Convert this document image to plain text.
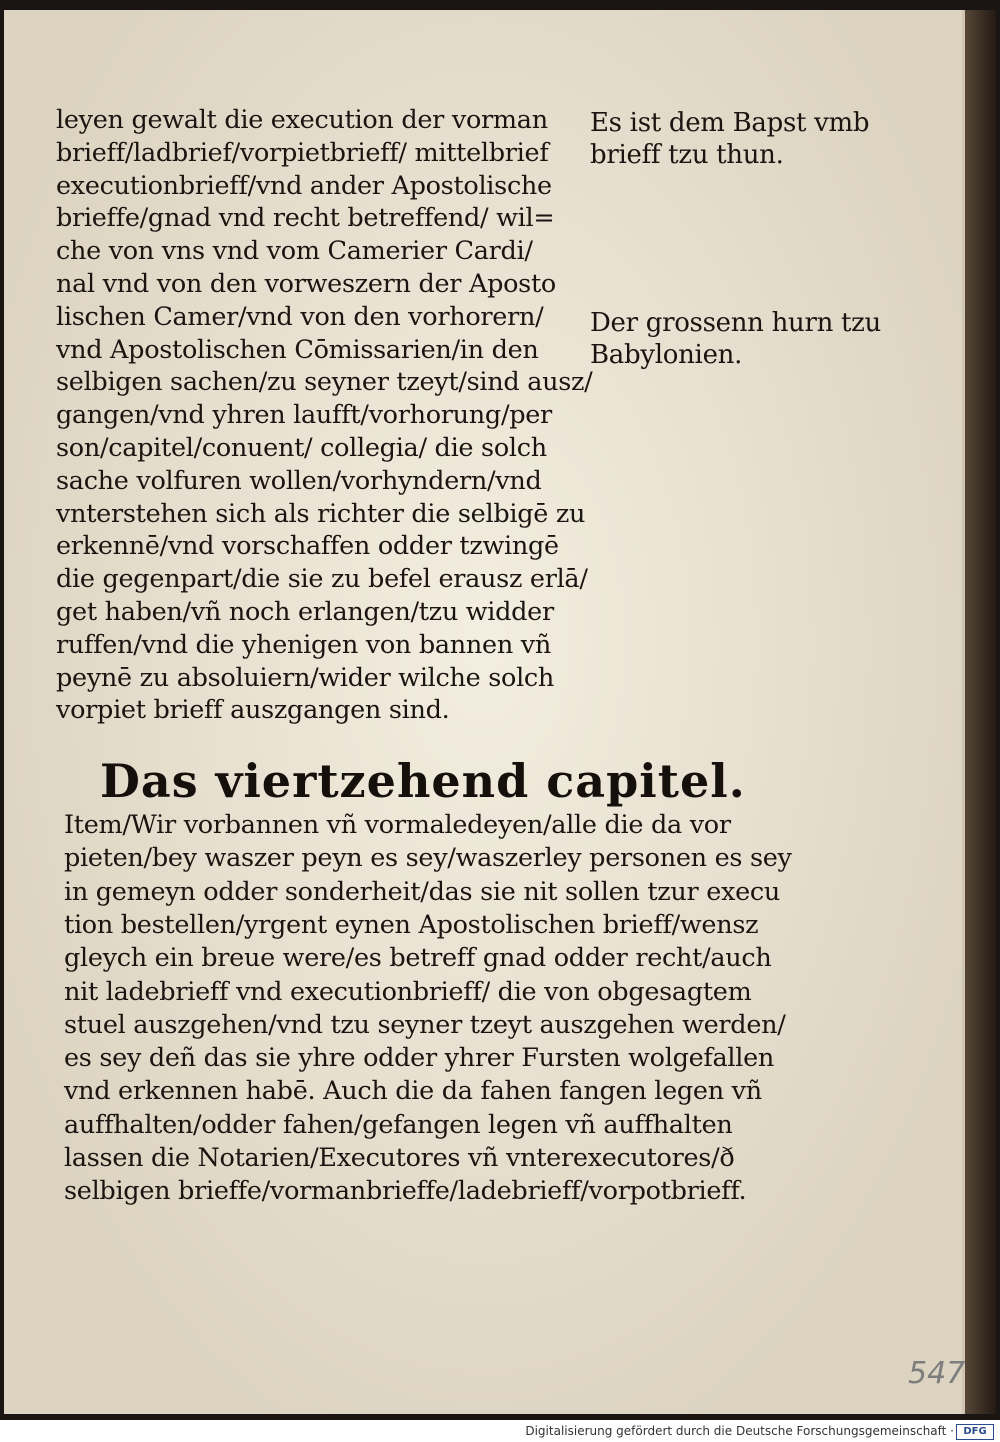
leyen gewalt die execution der vorman
brieff/ladbrief/vorpietbrieff/ mittelbrief
executionbrieff/vnd ander Apostolische
brieffe/gnad vnd recht betreffend/ wil=
che von vns vnd vom Camerier Cardi/
nal vnd von den vorweszern der Aposto
lischen Camer/vnd von den vorhorern/
vnd Apostolischen Cōmissarien/in den
selbigen sachen/zu seyner tzeyt/sind ausz/
gangen/vnd yhren laufft/vorhorung/per
son/capitel/conuent/ collegia/ die solch
sache volfuren wollen/vorhyndern/vnd
vnterstehen sich als richter die selbigē zu
erkennē/vnd vorschaffen odder tzwingē
die gegenpart/die sie zu befel erausz erlā/
get haben/vñ noch erlangen/tzu widder
ruffen/vnd die yhenigen von bannen vñ
peynē zu absoluiern/wider wilche solch
vorpiet brieff auszgangen sind.
Es ist dem Bapst vmb
brieff tzu thun.
Der grossenn hurn tzu
Babylonien.
Das viertzehend capitel.
Item/Wir vorbannen vñ vormaledeyen/alle die da vor
pieten/bey waszer peyn es sey/waszerley personen es sey
in gemeyn odder sonderheit/das sie nit sollen tzur execu
tion bestellen/yrgent eynen Apostolischen brieff/wensz
gleych ein breue were/es betreff gnad odder recht/auch
nit ladebrieff vnd executionbrieff/ die von obgesagtem
stuel auszgehen/vnd tzu seyner tzeyt auszgehen werden/
es sey deñ das sie yhre odder yhrer Fursten wolgefallen
vnd erkennen habē. Auch die da fahen fangen legen vñ
auffhalten/odder fahen/gefangen legen vñ auffhalten
lassen die Notarien/Executores vñ vnterexecutores/ð
selbigen brieffe/vormanbrieffe/ladebrieff/vorpotbrieff.
547
Digitalisierung gefördert durch die Deutsche Forschungsgemeinschaft · DFG
